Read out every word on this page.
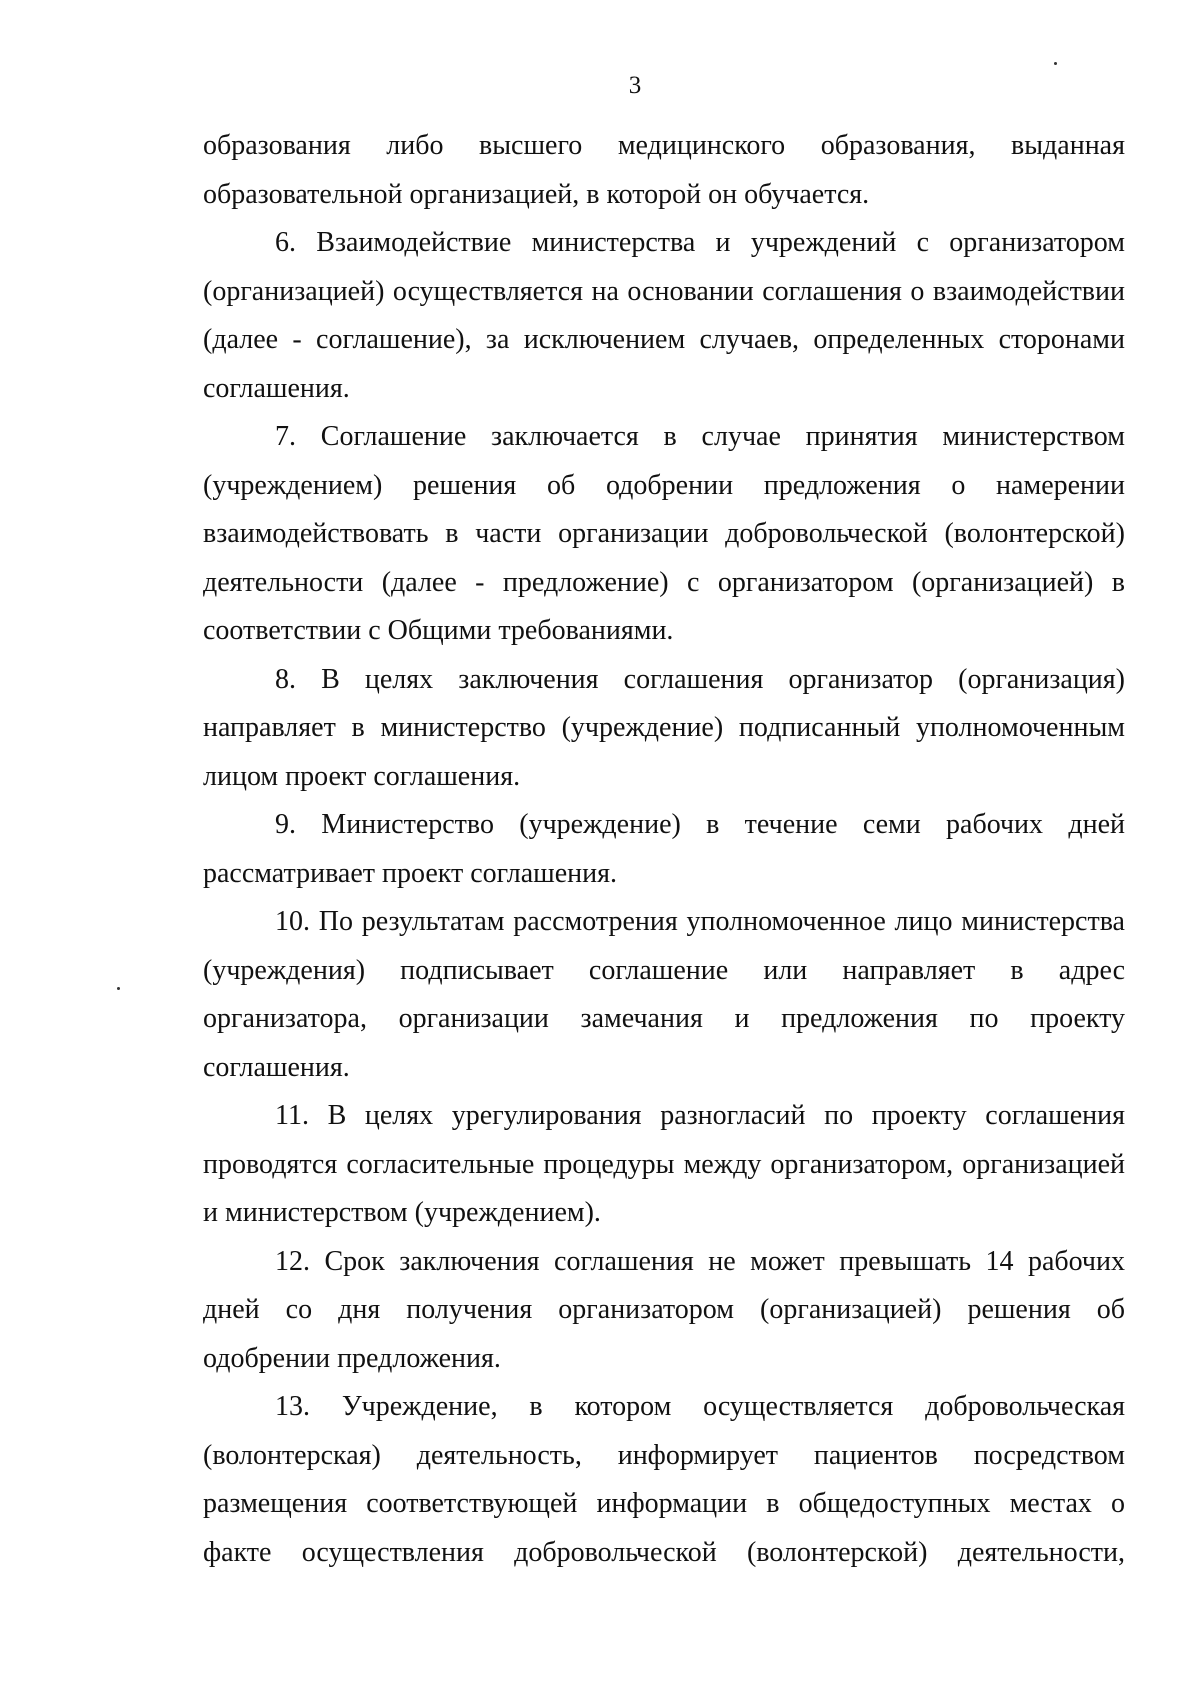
3

образования либо высшего медицинского образования, выданная образовательной организацией, в которой он обучается.

6. Взаимодействие министерства и учреждений с организатором (организацией) осуществляется на основании соглашения о взаимодействии (далее - соглашение), за исключением случаев, определенных сторонами соглашения.

7. Соглашение заключается в случае принятия министерством (учреждением) решения об одобрении предложения о намерении взаимодействовать в части организации добровольческой (волонтерской) деятельности (далее - предложение) с организатором (организацией) в соответствии с Общими требованиями.

8. В целях заключения соглашения организатор (организация) направляет в министерство (учреждение) подписанный уполномоченным лицом проект соглашения.

9. Министерство (учреждение) в течение семи рабочих дней рассматривает проект соглашения.

10. По результатам рассмотрения уполномоченное лицо министерства (учреждения) подписывает соглашение или направляет в адрес организатора, организации замечания и предложения по проекту соглашения.

11. В целях урегулирования разногласий по проекту соглашения проводятся согласительные процедуры между организатором, организацией и министерством (учреждением).

12. Срок заключения соглашения не может превышать 14 рабочих дней со дня получения организатором (организацией) решения об одобрении предложения.

13. Учреждение, в котором осуществляется добровольческая (волонтерская) деятельность, информирует пациентов посредством размещения соответствующей информации в общедоступных местах о факте осуществления добровольческой (волонтерской) деятельности,
